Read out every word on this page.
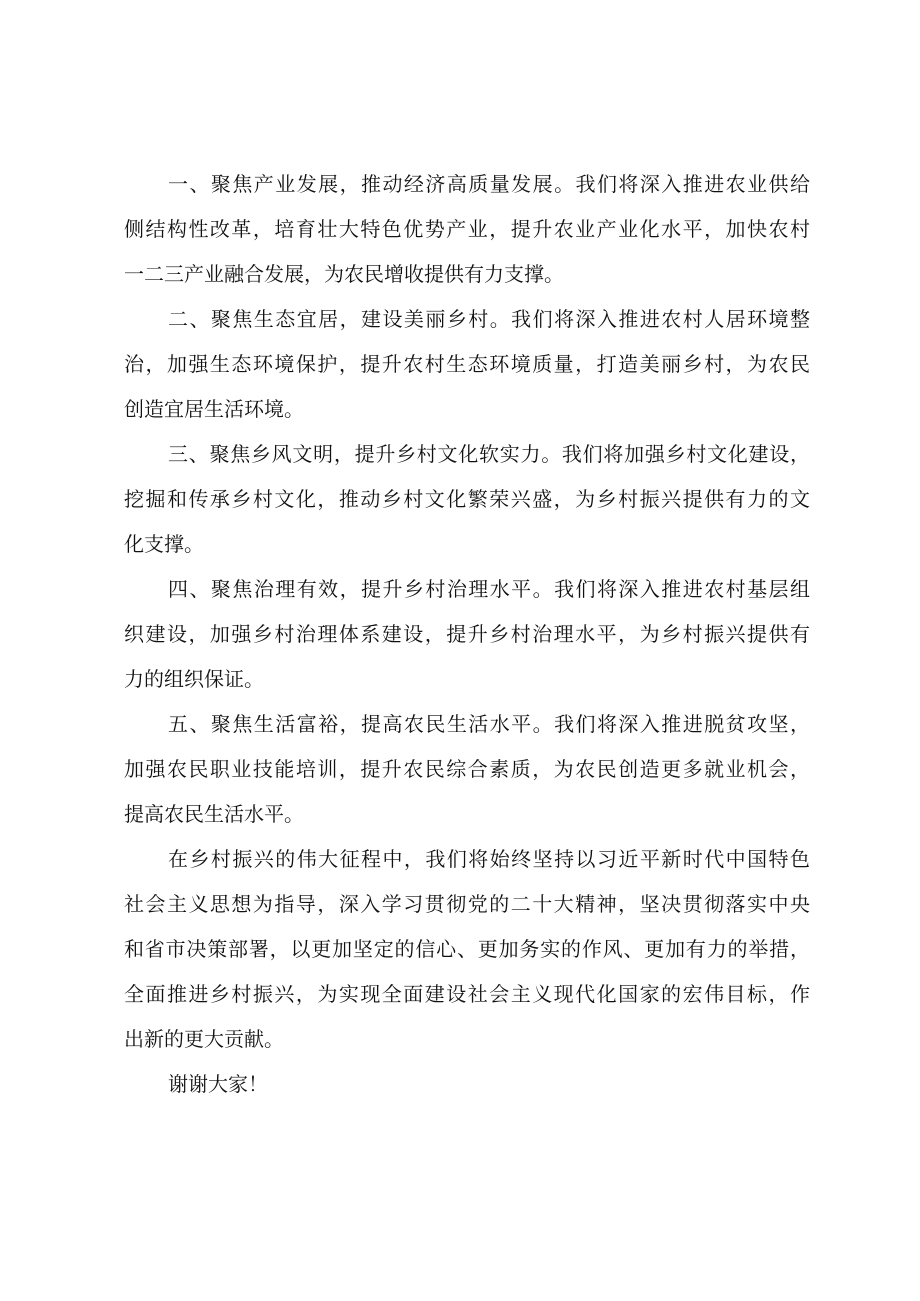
一、聚焦产业发展，推动经济高质量发展。我们将深入推进农业供给
侧结构性改革，培育壮大特色优势产业，提升农业产业化水平，加快农村
一二三产业融合发展，为农民增收提供有力支撑。
二、聚焦生态宜居，建设美丽乡村。我们将深入推进农村人居环境整
治，加强生态环境保护，提升农村生态环境质量，打造美丽乡村，为农民
创造宜居生活环境。
三、聚焦乡风文明，提升乡村文化软实力。我们将加强乡村文化建设，
挖掘和传承乡村文化，推动乡村文化繁荣兴盛，为乡村振兴提供有力的文
化支撑。
四、聚焦治理有效，提升乡村治理水平。我们将深入推进农村基层组
织建设，加强乡村治理体系建设，提升乡村治理水平，为乡村振兴提供有
力的组织保证。
五、聚焦生活富裕，提高农民生活水平。我们将深入推进脱贫攻坚，
加强农民职业技能培训，提升农民综合素质，为农民创造更多就业机会，
提高农民生活水平。
在乡村振兴的伟大征程中，我们将始终坚持以习近平新时代中国特色
社会主义思想为指导，深入学习贯彻党的二十大精神，坚决贯彻落实中央
和省市决策部署，以更加坚定的信心、更加务实的作风、更加有力的举措，
全面推进乡村振兴，为实现全面建设社会主义现代化国家的宏伟目标，作
出新的更大贡献。
谢谢大家！
